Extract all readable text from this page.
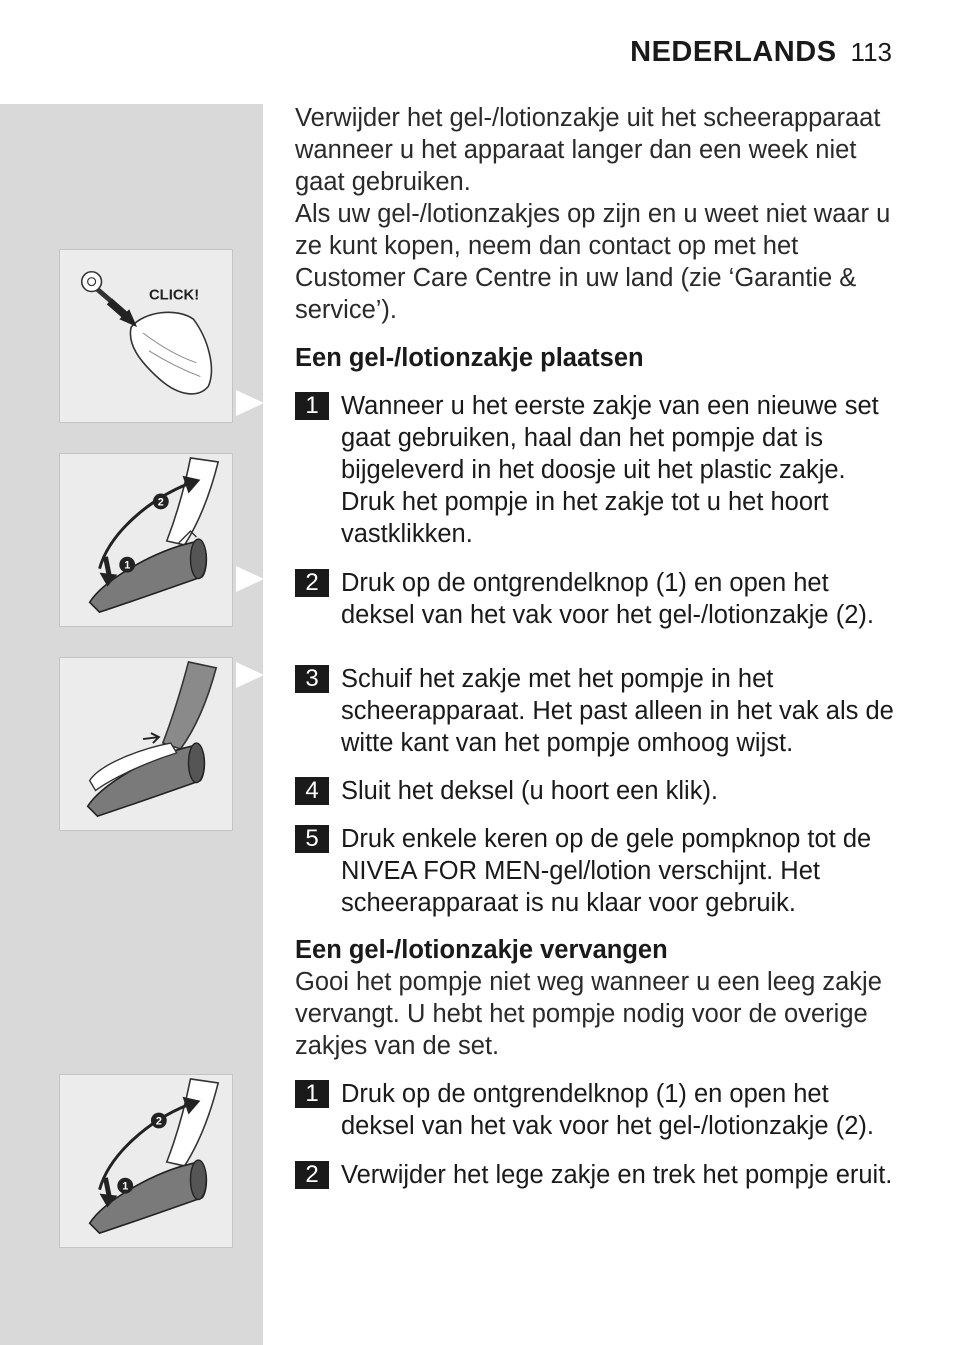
NEDERLANDS 113
CLICK!
2
1
2
1

Verwijder het gel-/lotionzakje uit het scheerapparaat wanneer u het apparaat langer dan een week niet gaat gebruiken.

Als uw gel-/lotionzakjes op zijn en u weet niet waar u ze kunt kopen, neem dan contact op met het Customer Care Centre in uw land (zie ‘Garantie & service’).

Een gel-/lotionzakje plaatsen
1 Wanneer u het eerste zakje van een nieuwe set gaat gebruiken, haal dan het pompje dat is bijgeleverd in het doosje uit het plastic zakje. Druk het pompje in het zakje tot u het hoort vastklikken.
2 Druk op de ontgrendelknop (1) en open het deksel van het vak voor het gel-/lotionzakje (2).
3 Schuif het zakje met het pompje in het scheerapparaat. Het past alleen in het vak als de witte kant van het pompje omhoog wijst.
4 Sluit het deksel (u hoort een klik).
5 Druk enkele keren op de gele pompknop tot de NIVEA FOR MEN-gel/lotion verschijnt. Het scheerapparaat is nu klaar voor gebruik.
Een gel-/lotionzakje vervangen

Gooi het pompje niet weg wanneer u een leeg zakje vervangt. U hebt het pompje nodig voor de overige zakjes van de set.

1 Druk op de ontgrendelknop (1) en open het deksel van het vak voor het gel-/lotionzakje (2).
2 Verwijder het lege zakje en trek het pompje eruit.
